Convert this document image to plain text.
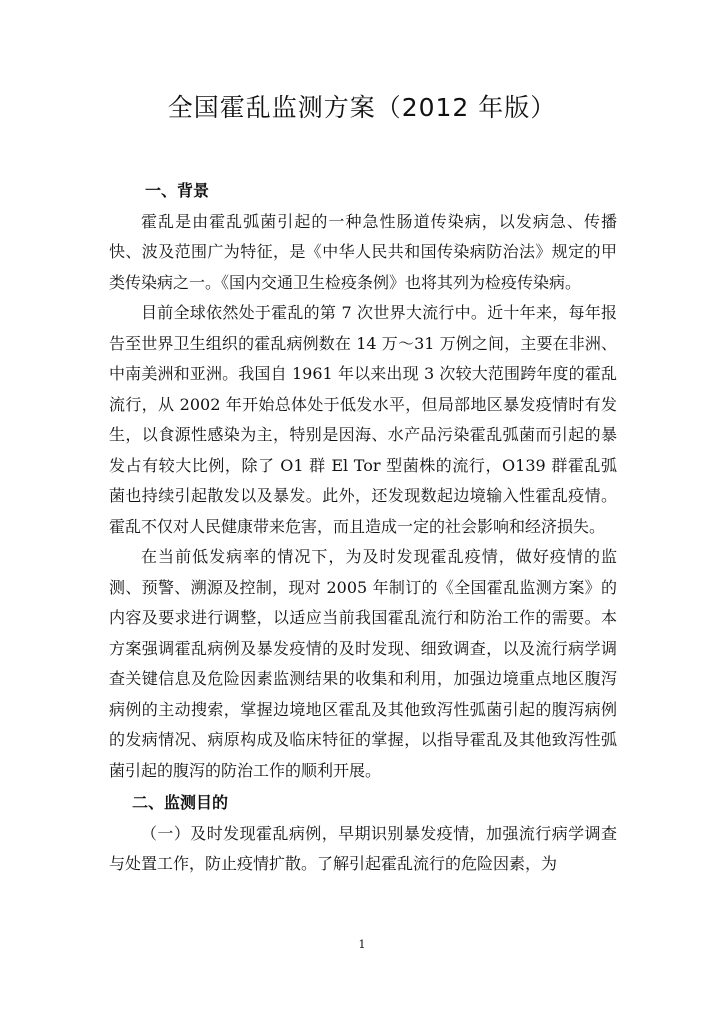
全国霍乱监测方案（2012 年版）
一、背景

霍乱是由霍乱弧菌引起的一种急性肠道传染病，以发病急、传播快、波及范围广为特征，是《中华人民共和国传染病防治法》规定的甲类传染病之一。《国内交通卫生检疫条例》也将其列为检疫传染病。

目前全球依然处于霍乱的第 7 次世界大流行中。近十年来，每年报告至世界卫生组织的霍乱病例数在 14 万～31 万例之间，主要在非洲、中南美洲和亚洲。我国自 1961 年以来出现 3 次较大范围跨年度的霍乱流行，从 2002 年开始总体处于低发水平，但局部地区暴发疫情时有发生，以食源性感染为主，特别是因海、水产品污染霍乱弧菌而引起的暴发占有较大比例，除了 O1 群 El Tor 型菌株的流行，O139 群霍乱弧菌也持续引起散发以及暴发。此外，还发现数起边境输入性霍乱疫情。霍乱不仅对人民健康带来危害，而且造成一定的社会影响和经济损失。

在当前低发病率的情况下，为及时发现霍乱疫情，做好疫情的监测、预警、溯源及控制，现对 2005 年制订的《全国霍乱监测方案》的内容及要求进行调整，以适应当前我国霍乱流行和防治工作的需要。本方案强调霍乱病例及暴发疫情的及时发现、细致调查，以及流行病学调查关键信息及危险因素监测结果的收集和利用，加强边境重点地区腹泻病例的主动搜索，掌握边境地区霍乱及其他致泻性弧菌引起的腹泻病例的发病情况、病原构成及临床特征的掌握，以指导霍乱及其他致泻性弧菌引起的腹泻的防治工作的顺利开展。

二、监测目的

（一）及时发现霍乱病例，早期识别暴发疫情，加强流行病学调查与处置工作，防止疫情扩散。了解引起霍乱流行的危险因素，为

1
